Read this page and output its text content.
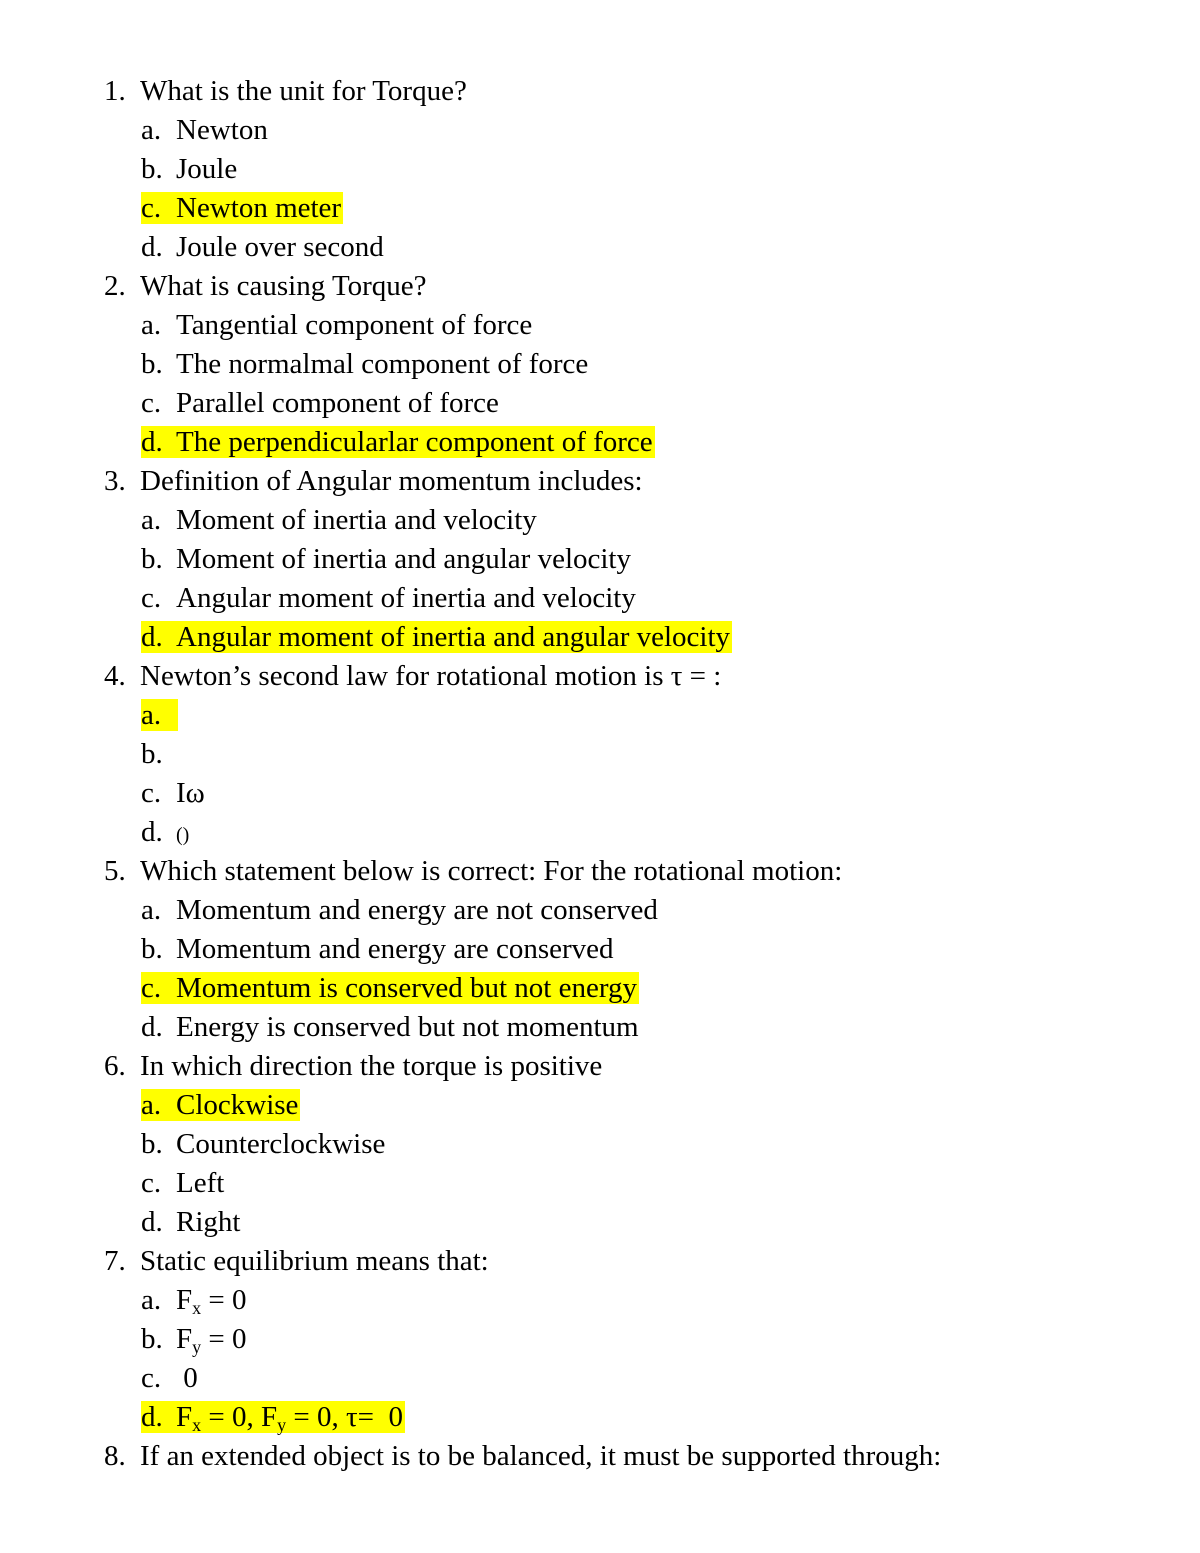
1. What is the unit for Torque?
a. Newton
b. Joule
c. Newton meter
d. Joule over second
2. What is causing Torque?
a. Tangential component of force
b. The normalmal component of force
c. Parallel component of force
d. The perpendicularlar component of force
3. Definition of Angular momentum includes:
a. Moment of inertia and velocity
b. Moment of inertia and angular velocity
c. Angular moment of inertia and velocity
d. Angular moment of inertia and angular velocity
4. Newton’s second law for rotational motion is τ = :
a.
b.
c. Iω
d. ()
5. Which statement below is correct: For the rotational motion:
a. Momentum and energy are not conserved
b. Momentum and energy are conserved
c. Momentum is conserved but not energy
d. Energy is conserved but not momentum
6. In which direction the torque is positive
a. Clockwise
b. Counterclockwise
c. Left
d. Right
7. Static equilibrium means that:
a. $F_x = 0$
b. $F_y = 0$
c. 0
d. $F_x = 0$, $F_y = 0$, τ=  0
8. If an extended object is to be balanced, it must be supported through:
